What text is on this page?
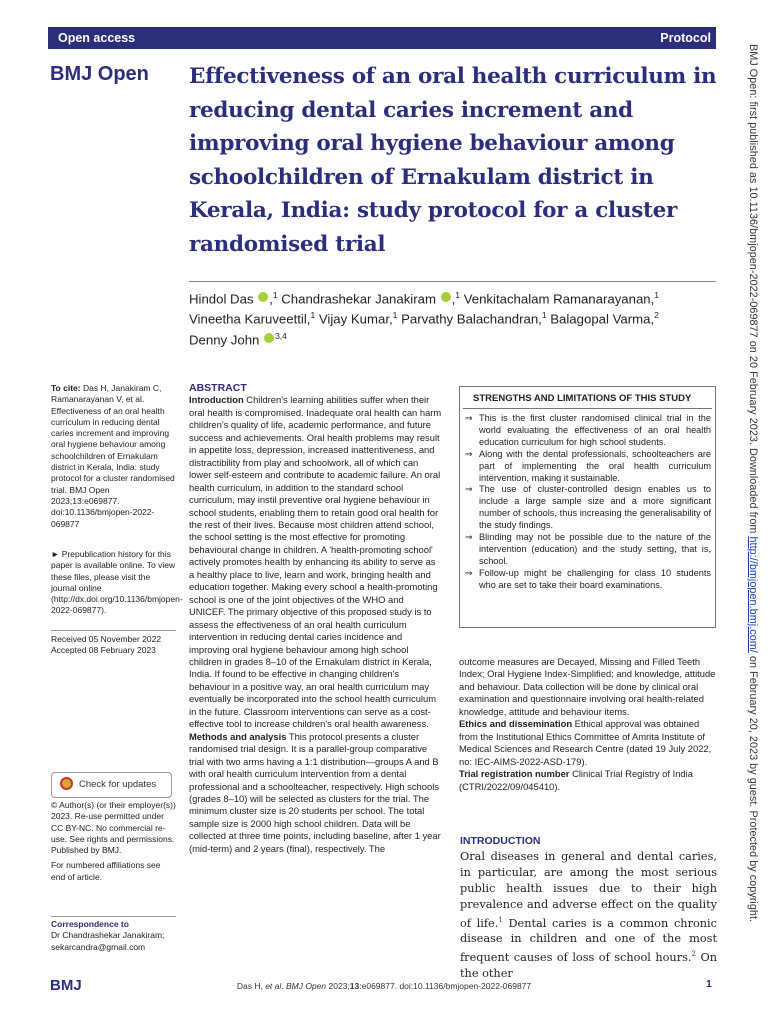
Open access	Protocol
BMJ Open Effectiveness of an oral health curriculum in reducing dental caries increment and improving oral hygiene behaviour among schoolchildren of Ernakulam district in Kerala, India: study protocol for a cluster randomised trial
Hindol Das ,$^1$ Chandrashekar Janakiram ,$^1$ Venkitachalam Ramanarayanan,$^1$
Vineetha Karuveettil,$^1$ Vijay Kumar,$^1$ Parvathy Balachandran,$^1$ Balagopal Varma,$^2$
Denny John $^{3,4}$
To cite: Das H, Janakiram C, Ramanarayanan V, et al. Effectiveness of an oral health curriculum in reducing dental caries increment and improving oral hygiene behaviour among schoolchildren of Ernakulam district in Kerala, India: study protocol for a cluster randomised trial. BMJ Open 2023;13:e069877. doi:10.1136/bmjopen-2022-069877
► Prepublication history for this paper is available online. To view these files, please visit the journal online (http://dx.doi.org/10.1136/bmjopen-2022-069877).
Received 05 November 2022
Accepted 08 February 2023
Check for updates
© Author(s) (or their employer(s)) 2023. Re-use permitted under CC BY-NC. No commercial re-use. See rights and permissions. Published by BMJ.
For numbered affiliations see end of article.
Correspondence to
Dr Chandrashekar Janakiram;
sekarcandra@gmail.com
ABSTRACT
Introduction Children's learning abilities suffer when their oral health is compromised. Inadequate oral health can harm children's quality of life, academic performance, and future success and achievements. Oral health problems may result in appetite loss, depression, increased inattentiveness, and distractibility from play and schoolwork, all of which can lower self-esteem and contribute to academic failure. An oral health curriculum, in addition to the standard school curriculum, may instil preventive oral hygiene behaviour in school students, enabling them to retain good oral health for the rest of their lives. Because most children attend school, the school setting is the most effective for promoting behavioural change in children. A 'health-promoting school' actively promotes health by enhancing its ability to serve as a healthy place to live, learn and work, bringing health and education together. Making every school a health-promoting school is one of the joint objectives of the WHO and UNICEF. The primary objective of this proposed study is to assess the effectiveness of an oral health curriculum intervention in reducing dental caries incidence and improving oral hygiene behaviour among high school children in grades 8–10 of the Ernakulam district in Kerala, India. If found to be effective in changing children's behaviour in a positive way, an oral health curriculum may eventually be incorporated into the school health curriculum in the future. Classroom interventions can serve as a cost-effective tool to increase children's oral health awareness.
Methods and analysis This protocol presents a cluster randomised trial design. It is a parallel-group comparative trial with two arms having a 1:1 distribution—groups A and B with oral health curriculum intervention from a dental professional and a schoolteacher, respectively. High schools (grades 8–10) will be selected as clusters for the trial. The minimum cluster size is 20 students per school. The total sample size is 2000 high school children. Data will be collected at three time points, including baseline, after 1 year (mid-term) and 2 years (final), respectively. The
STRENGTHS AND LIMITATIONS OF THIS STUDY
⇒ This is the first cluster randomised clinical trial in the world evaluating the effectiveness of an oral health education curriculum for high school students.
⇒ Along with the dental professionals, schoolteachers are part of implementing the oral health curriculum intervention, making it sustainable.
⇒ The use of cluster-controlled design enables us to include a large sample size and a more significant number of schools, thus increasing the generalisability of the study findings.
⇒ Blinding may not be possible due to the nature of the intervention (education) and the study setting, that is, school.
⇒ Follow-up might be challenging for class 10 students who are set to take their board examinations.
outcome measures are Decayed, Missing and Filled Teeth Index; Oral Hygiene Index-Simplified; and knowledge, attitude and behaviour. Data collection will be done by clinical oral examination and questionnaire involving oral health-related knowledge, attitude and behaviour items.
Ethics and dissemination Ethical approval was obtained from the Institutional Ethics Committee of Amrita Institute of Medical Sciences and Research Centre (dated 19 July 2022, no: IEC-AIMS-2022-ASD-179).
Trial registration number Clinical Trial Registry of India (CTRI/2022/09/045410).
INTRODUCTION
Oral diseases in general and dental caries, in particular, are among the most serious public health issues due to their high prevalence and adverse effect on the quality of life.$^1$ Dental caries is a common chronic disease in children and one of the most frequent causes of loss of school hours.$^2$ On the other
BMJ Open: first published as 10.1136/bmjopen-2022-069877 on 20 February 2023. Downloaded from http://bmjopen.bmj.com/ on February 20, 2023 by guest. Protected by copyright.
BMJ	Das H, et al. BMJ Open 2023;13:e069877. doi:10.1136/bmjopen-2022-069877	1
